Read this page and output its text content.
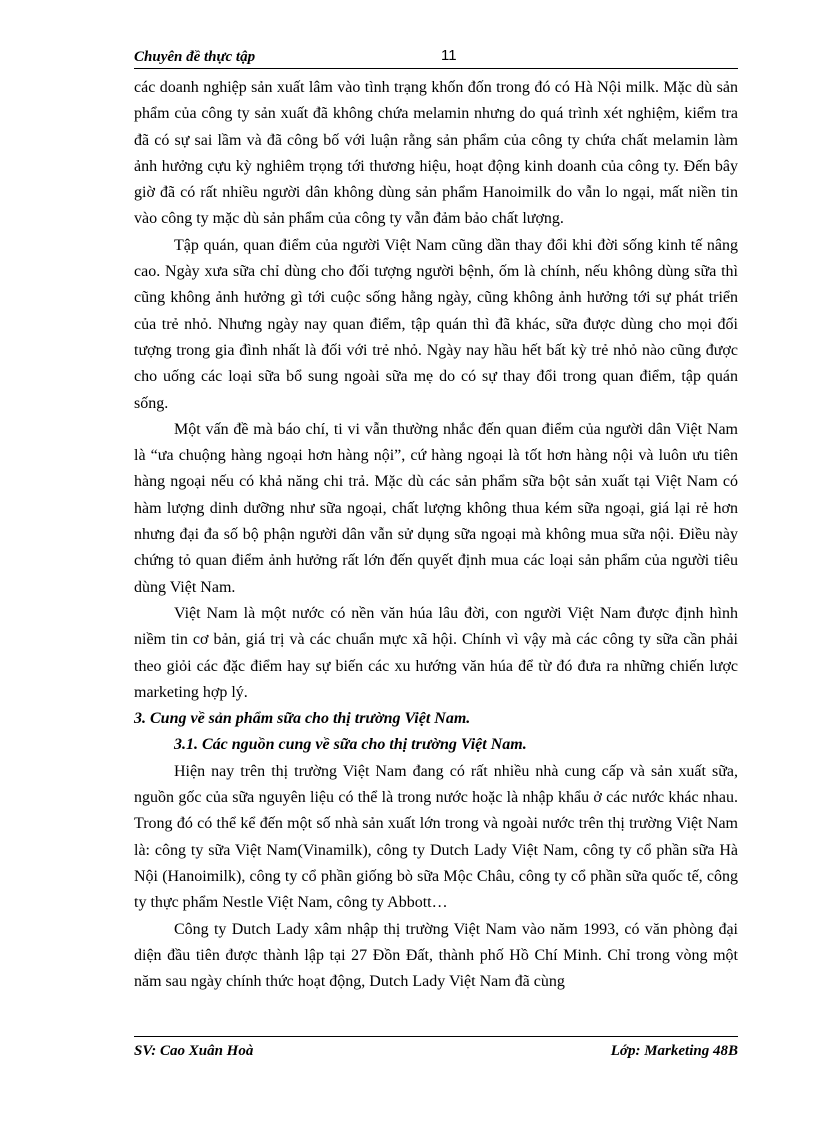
Chuyên đề thực tập	11

các doanh nghiệp sản xuất lâm vào tình trạng khốn đốn trong đó có Hà Nội milk. Mặc dù sản phẩm của công ty sản xuất đã không chứa melamin nhưng do quá trình xét nghiệm, kiểm tra đã có sự sai lầm và đã công bố với luận rằng sản phẩm của công ty chứa chất melamin làm ảnh hưởng cựu kỳ nghiêm trọng tới thương hiệu, hoạt động kinh doanh của công ty. Đến bây giờ đã có rất nhiều người dân không dùng sản phẩm Hanoimilk do vẫn lo ngại, mất niền tin vào công ty mặc dù sản phẩm của công ty vẫn đảm bảo chất lượng.

Tập quán, quan điểm của người Việt Nam cũng dần thay đổi khi đời sống kinh tế nâng cao. Ngày xưa sữa chỉ dùng cho đối tượng người bệnh, ốm là chính, nếu không dùng sữa thì cũng không ảnh hưởng gì tới cuộc sống hằng ngày, cũng không ảnh hưởng tới sự phát triển của trẻ nhỏ. Nhưng ngày nay quan điểm, tập quán thì đã khác, sữa được dùng cho mọi đối tượng trong gia đình nhất là đối với trẻ nhỏ. Ngày nay hầu hết bất kỳ trẻ nhỏ nào cũng được cho uống các loại sữa bổ sung ngoài sữa mẹ do có sự thay đổi trong quan điểm, tập quán sống.

Một vấn đề mà báo chí, ti vi vẫn thường nhắc đến quan điểm của người dân Việt Nam là “ưa chuộng hàng ngoại hơn hàng nội”, cứ hàng ngoại là tốt hơn hàng nội và luôn ưu tiên hàng ngoại nếu có khả năng chi trả. Mặc dù các sản phẩm sữa bột sản xuất tại Việt Nam có hàm lượng dinh dưỡng như sữa ngoại, chất lượng không thua kém sữa ngoại, giá lại rẻ hơn nhưng đại đa số bộ phận người dân vẫn sử dụng sữa ngoại mà không mua sữa nội. Điều này chứng tỏ quan điểm ảnh hưởng rất lớn đến quyết định mua các loại sản phẩm của người tiêu dùng Việt Nam.

Việt Nam là một nước có nền văn húa lâu đời, con người Việt Nam được định hình niềm tin cơ bản, giá trị và các chuẩn mực xã hội. Chính vì vậy mà các công ty sữa cần phải theo giỏi các đặc điểm hay sự biến các xu hướng văn húa để từ đó đưa ra những chiến lược marketing hợp lý.

3. Cung về sản phẩm sữa cho thị trường Việt Nam.

3.1. Các nguồn cung về sữa cho thị trường Việt Nam.

Hiện nay trên thị trường Việt Nam đang có rất nhiều nhà cung cấp và sản xuất sữa, nguồn gốc của sữa nguyên liệu có thể là trong nước hoặc là nhập khẩu ở các nước khác nhau. Trong đó có thể kể đến một số nhà sản xuất lớn trong và ngoài nước trên thị trường Việt Nam là: công ty sữa Việt Nam(Vinamilk), công ty Dutch Lady Việt Nam, công ty cổ phần sữa Hà Nội (Hanoimilk), công ty cổ phần giống bò sữa Mộc Châu, công ty cổ phần sữa quốc tế, công ty thực phẩm Nestle Việt Nam, công ty Abbott…

Công ty Dutch Lady xâm nhập thị trường Việt Nam vào năm 1993, có văn phòng đại diện đầu tiên được thành lập tại 27 Đồn Đất, thành phố Hồ Chí Minh. Chỉ trong vòng một năm sau ngày chính thức hoạt động, Dutch Lady Việt Nam đã cùng

SV: Cao Xuân Hoà	Lớp: Marketing 48B
